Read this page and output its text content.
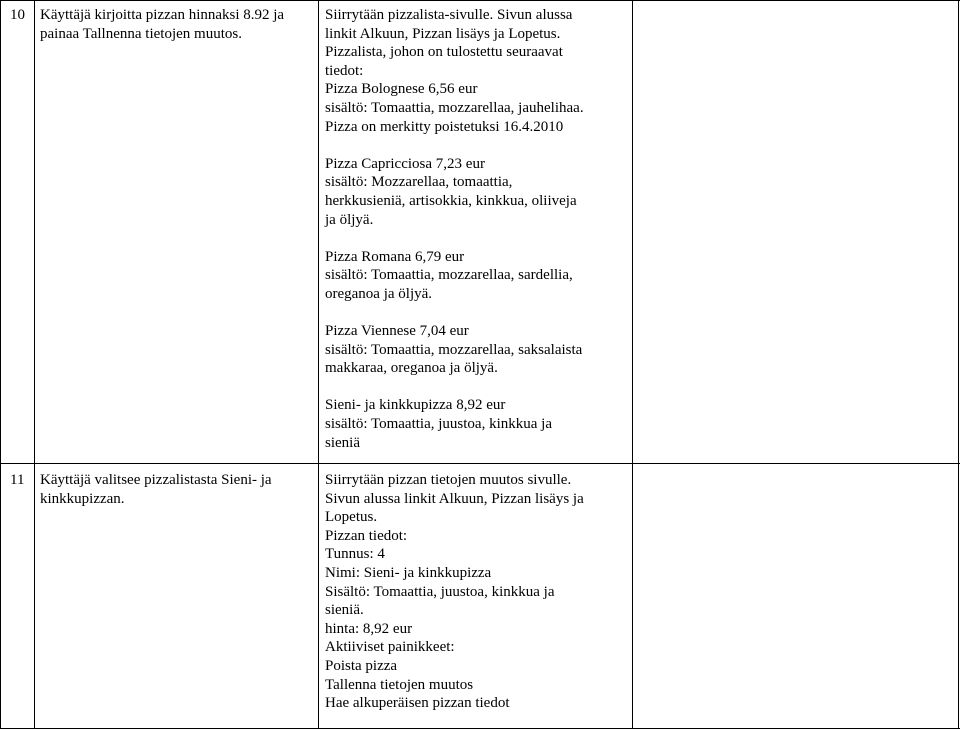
10 Käyttäjä kirjoitta pizzan hinnaksi 8.92 ja
painaa Tallnenna tietojen muutos.
Siirrytään pizzalista-sivulle. Sivun alussa
linkit Alkuun, Pizzan lisäys ja Lopetus.
Pizzalista, johon on tulostettu seuraavat
tiedot:
Pizza Bolognese 6,56 eur
sisältö: Tomaattia, mozzarellaa, jauhelihaa.
Pizza on merkitty poistetuksi 16.4.2010
Pizza Capricciosa 7,23 eur
sisältö: Mozzarellaa, tomaattia,
herkkusieniä, artisokkia, kinkkua, oliiveja
ja öljyä.
Pizza Romana 6,79 eur
sisältö: Tomaattia, mozzarellaa, sardellia,
oreganoa ja öljyä.
Pizza Viennese 7,04 eur
sisältö: Tomaattia, mozzarellaa, saksalaista
makkaraa, oreganoa ja öljyä.
Sieni- ja kinkkupizza 8,92 eur
sisältö: Tomaattia, juustoa, kinkkua ja
sieniä
11 Käyttäjä valitsee pizzalistasta Sieni- ja
kinkkupizzan.
Siirrytään pizzan tietojen muutos sivulle.
Sivun alussa linkit Alkuun, Pizzan lisäys ja
Lopetus.
Pizzan tiedot:
Tunnus: 4
Nimi: Sieni- ja kinkkupizza
Sisältö: Tomaattia, juustoa, kinkkua ja
sieniä.
hinta: 8,92 eur
Aktiiviset painikkeet:
Poista pizza
Tallenna tietojen muutos
Hae alkuperäisen pizzan tiedot
